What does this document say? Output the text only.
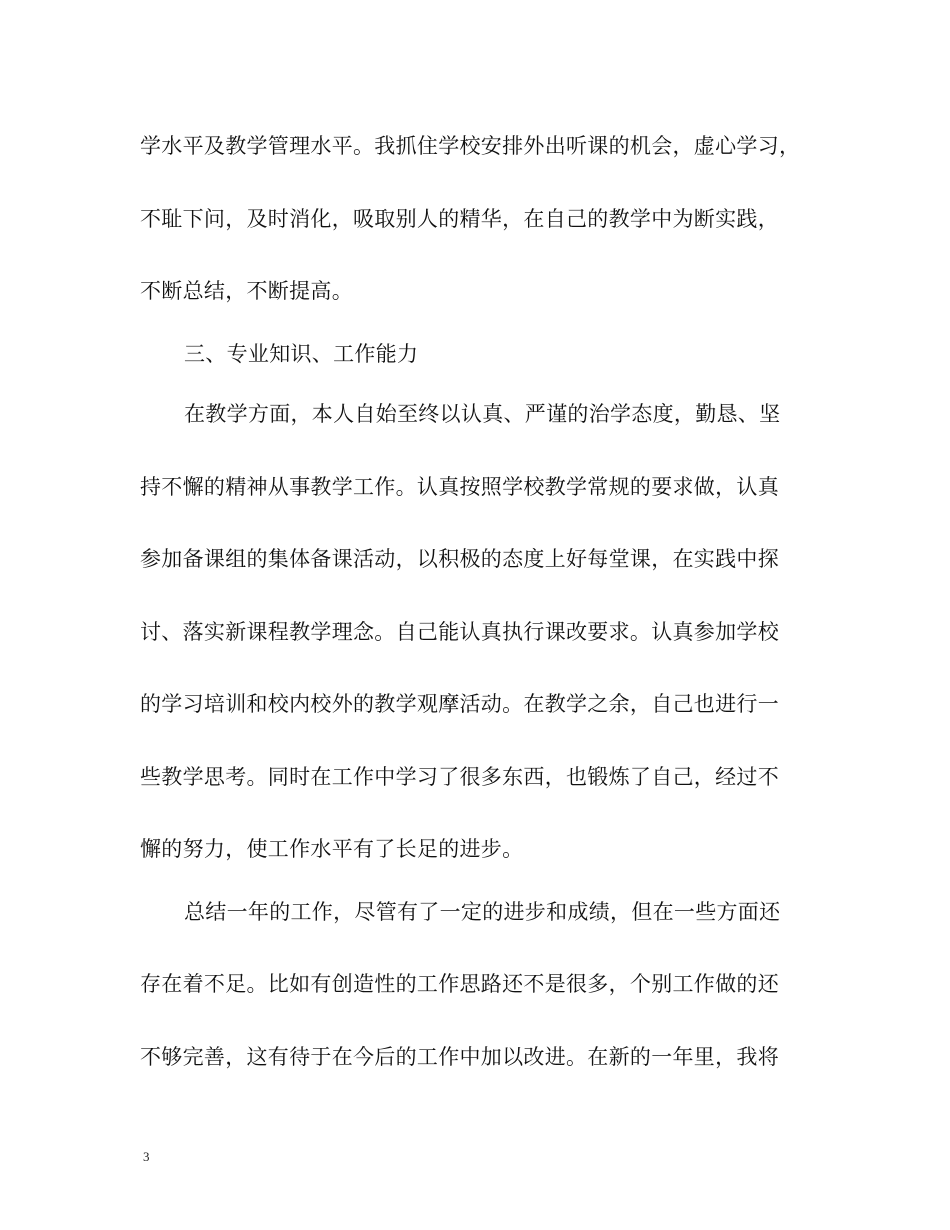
学水平及教学管理水平。我抓住学校安排外出听课的机会，虚心学习，
不耻下问，及时消化，吸取别人的精华，在自己的教学中为断实践，
不断总结，不断提高。
三、专业知识、工作能力
在教学方面，本人自始至终以认真、严谨的治学态度，勤恳、坚
持不懈的精神从事教学工作。认真按照学校教学常规的要求做，认真
参加备课组的集体备课活动，以积极的态度上好每堂课，在实践中探
讨、落实新课程教学理念。自己能认真执行课改要求。认真参加学校
的学习培训和校内校外的教学观摩活动。在教学之余，自己也进行一
些教学思考。同时在工作中学习了很多东西，也锻炼了自己，经过不
懈的努力，使工作水平有了长足的进步。
总结一年的工作，尽管有了一定的进步和成绩，但在一些方面还
存在着不足。比如有创造性的工作思路还不是很多，个别工作做的还
不够完善，这有待于在今后的工作中加以改进。在新的一年里，我将
3
